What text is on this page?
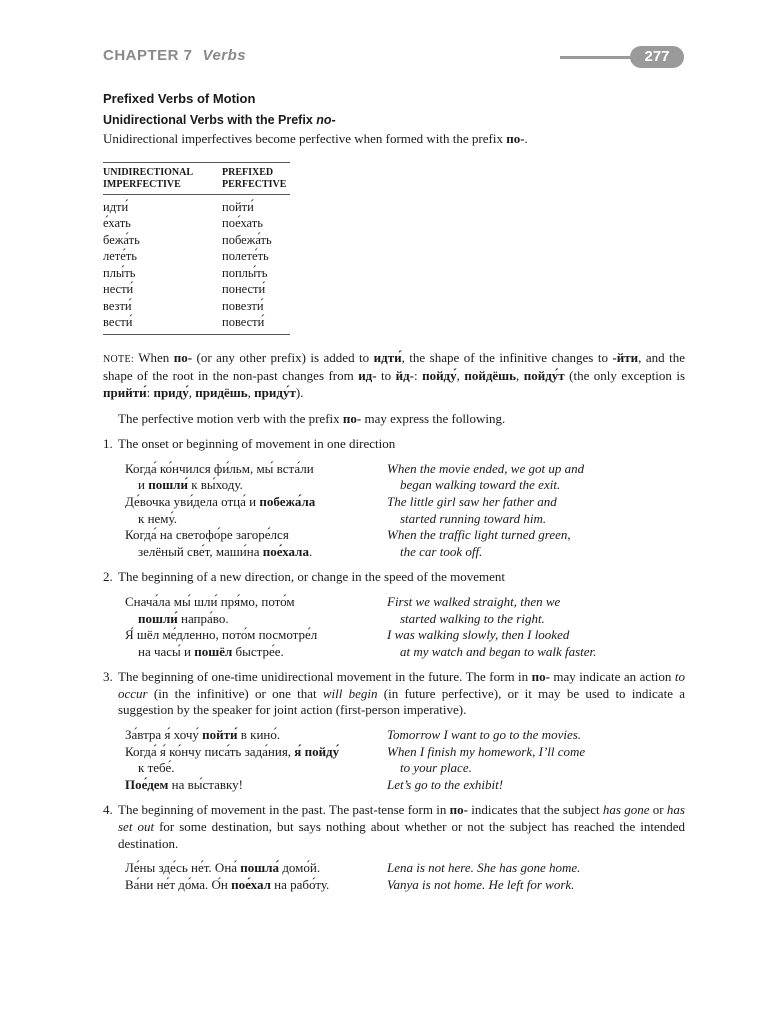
CHAPTER 7 Verbs	277
Prefixed Verbs of Motion
Unidirectional Verbs with the Prefix no-

Unidirectional imperfectives become perfective when formed with the prefix по-.

UNIDIRECTIONAL
IMPERFECTIVE	PREFIXED
PERFECTIVE
идти́	пойти́
е́хать	пое́хать
бежа́ть	побежа́ть
лете́ть	полете́ть
плы́ть	поплы́ть
нести́	понести́
везти́	повезти́
вести́	повести́

NOTE: When по- (or any other prefix) is added to идти́, the shape of the infinitive changes to -йти, and the shape of the root in the non-past changes from ид- to йд-: пойду́, пойдёшь, пойду́т (the only exception is прийти́: приду́, придёшь, приду́т).

The perfective motion verb with the prefix по- may express the following.

1. The onset or beginning of movement in one direction
Когда́ ко́нчился фи́льм, мы́ вста́ли
и пошли́ к вы́ходу.
When the movie ended, we got up and
began walking toward the exit.
Де́вочка уви́дела отца́ и побежа́ла
к нему́.
The little girl saw her father and
started running toward him.
Когда́ на светофо́ре загоре́лся
зелёный све́т, маши́на пое́хала.
When the traffic light turned green,
the car took off.
2. The beginning of a new direction, or change in the speed of the movement
Снача́ла мы́ шли́ пря́мо, пото́м
пошли́ напра́во.
First we walked straight, then we
started walking to the right.
Я́ шёл ме́дленно, пото́м посмотре́л
на часы́ и пошёл быстре́е.
I was walking slowly, then I looked
at my watch and began to walk faster.
3. The beginning of one-time unidirectional movement in the future. The form in по- may indicate an action to occur (in the infinitive) or one that will begin (in future perfective), or it may be used to indicate a suggestion by the speaker for joint action (first-person imperative).
За́втра я́ хочу́ пойти́ в кино́.	Tomorrow I want to go to the movies.
Когда́ я́ ко́нчу писа́ть зада́ния, я́ пойду́
к тебе́.
When I finish my homework, I’ll come
to your place.
Пое́дем на вы́ставку!	Let’s go to the exhibit!
4. The beginning of movement in the past. The past-tense form in по- indicates that the subject has gone or has set out for some destination, but says nothing about whether or not the subject has reached the intended destination.
Ле́ны зде́сь не́т. Она́ пошла́ домо́й.	Lena is not here. She has gone home.
Ва́ни не́т до́ма. О́н пое́хал на рабо́ту.	Vanya is not home. He left for work.
